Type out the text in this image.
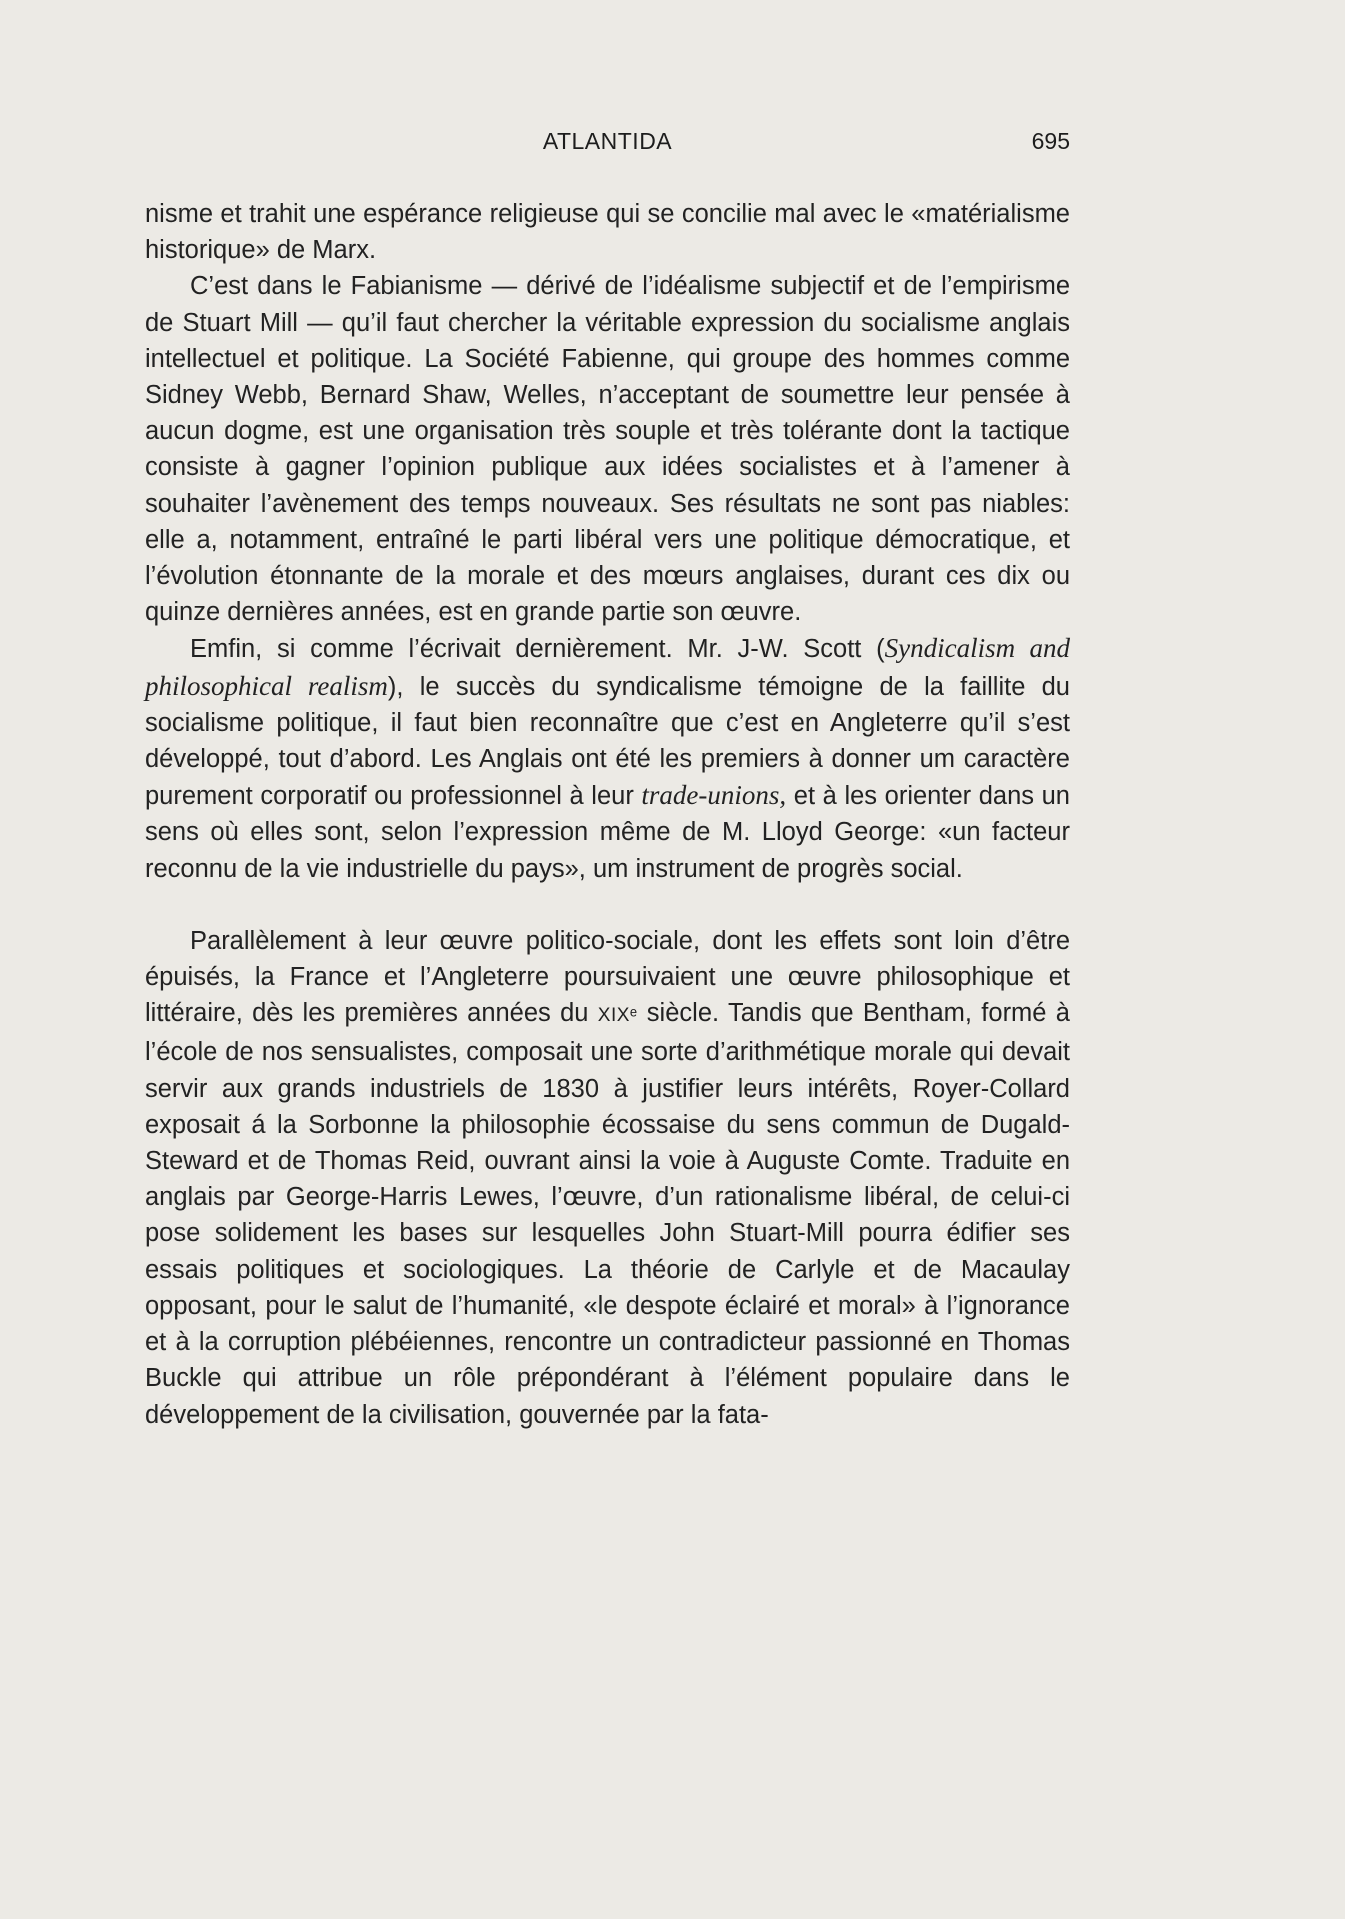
ATLANTIDA	695

nisme et trahit une espérance religieuse qui se concilie mal avec le «matérialisme historique» de Marx.

C’est dans le Fabianisme — dérivé de l’idéalisme subjectif et de l’empirisme de Stuart Mill — qu’il faut chercher la véritable expression du socialisme anglais intellectuel et politique. La Société Fabienne, qui groupe des hommes comme Sidney Webb, Bernard Shaw, Welles, n’acceptant de soumettre leur pensée à aucun dogme, est une organisation très souple et très tolérante dont la tactique consiste à gagner l’opinion publique aux idées socialistes et à l’amener à souhaiter l’avènement des temps nouveaux. Ses résultats ne sont pas niables: elle a, notamment, entraîné le parti libéral vers une politique démocratique, et l’évolution étonnante de la morale et des mœurs anglaises, durant ces dix ou quinze dernières années, est en grande partie son œuvre.

Emfin, si comme l’écrivait dernièrement. Mr. J-W. Scott (Syndicalism and philosophical realism), le succès du syndicalisme témoigne de la faillite du socialisme politique, il faut bien reconnaître que c’est en Angleterre qu’il s’est développé, tout d’abord. Les Anglais ont été les premiers à donner um caractère purement corporatif ou professionnel à leur trade-unions, et à les orienter dans un sens où elles sont, selon l’expression même de M. Lloyd George: «un facteur reconnu de la vie industrielle du pays», um instrument de progrès social.

Parallèlement à leur œuvre politico-sociale, dont les effets sont loin d’être épuisés, la France et l’Angleterre poursuivaient une œuvre philosophique et littéraire, dès les premières années du XIXᵉ siècle. Tandis que Bentham, formé à l’école de nos sensualistes, composait une sorte d’arithmétique morale qui devait servir aux grands industriels de 1830 à justifier leurs intérêts, Royer-Collard exposait á la Sorbonne la philosophie écossaise du sens commun de Dugald-Steward et de Thomas Reid, ouvrant ainsi la voie à Auguste Comte. Traduite en anglais par George-Harris Lewes, l’œuvre, d’un rationalisme libéral, de celui-ci pose solidement les bases sur lesquelles John Stuart-Mill pourra édifier ses essais politiques et sociologiques. La théorie de Carlyle et de Macaulay opposant, pour le salut de l’humanité, «le despote éclairé et moral» à l’ignorance et à la corruption plébéiennes, rencontre un contradicteur passionné en Thomas Buckle qui attribue un rôle prépondérant à l’élément populaire dans le développement de la civilisation, gouvernée par la fata-
